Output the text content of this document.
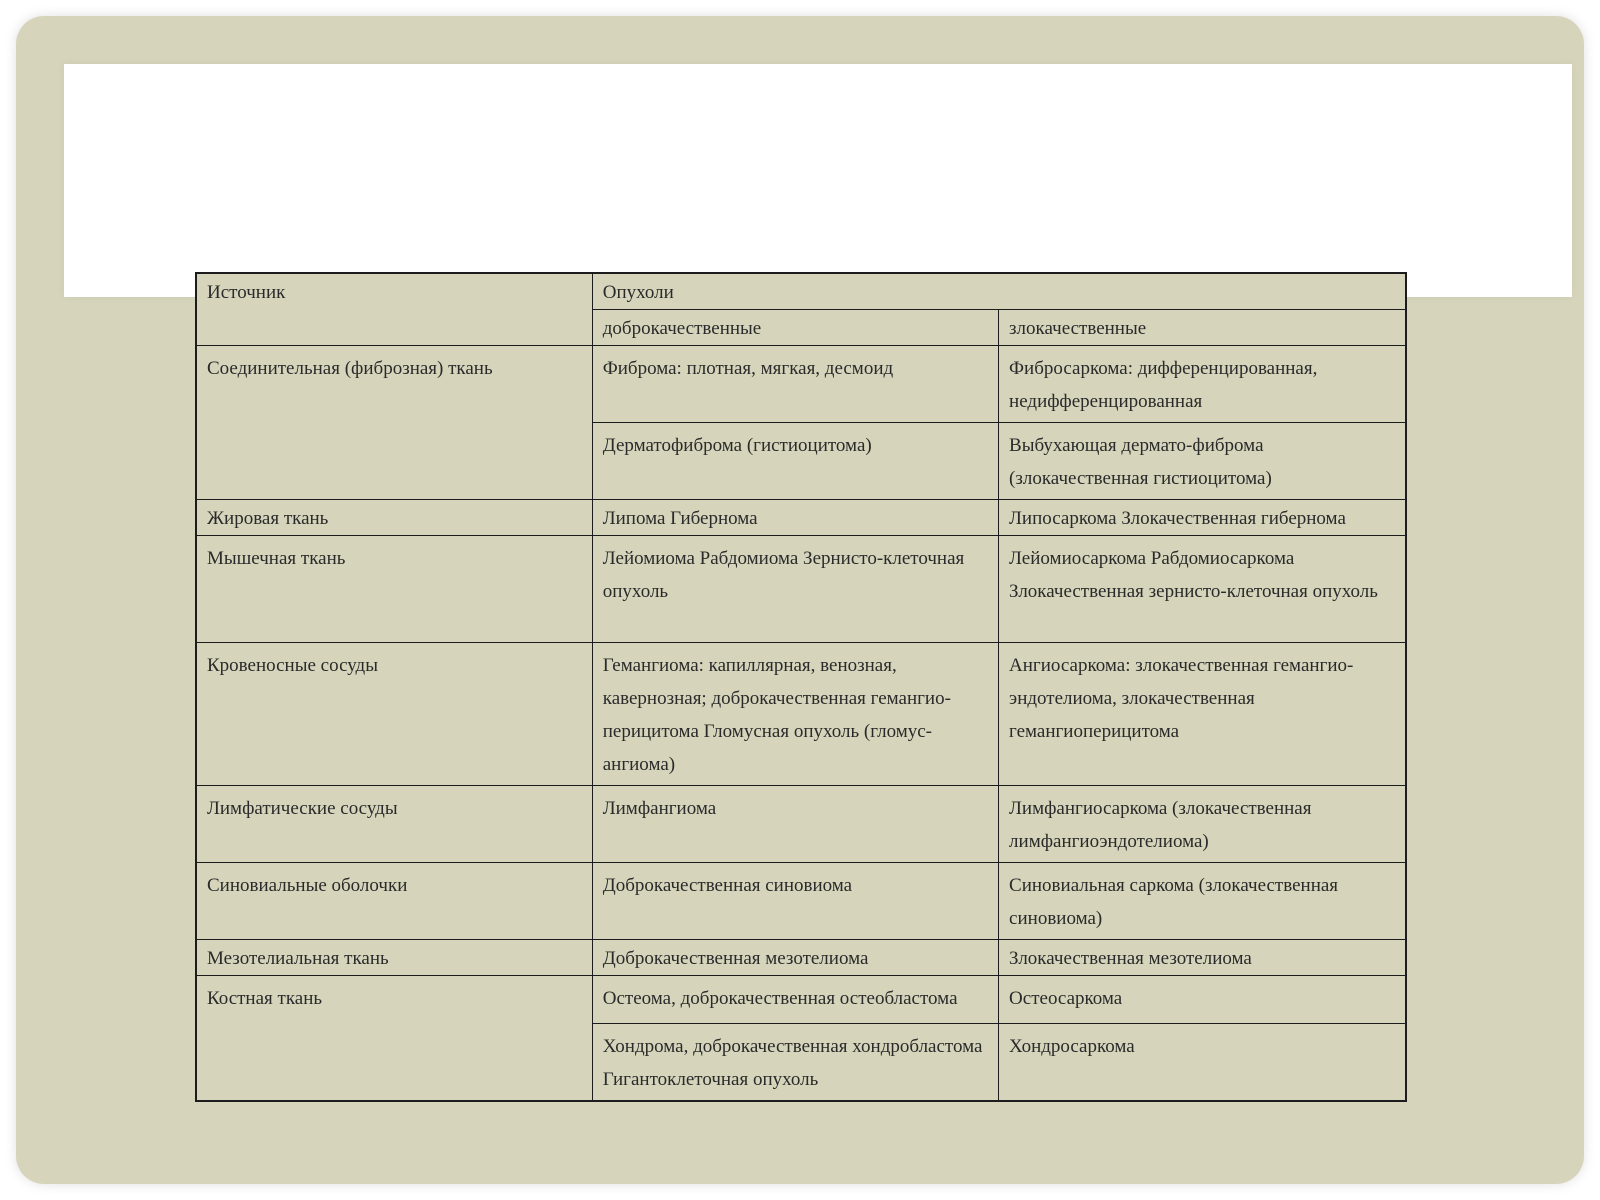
Источник	Опухоли	
	доброкачественные	злокачественные
Соединительная (фиброзная) ткань	Фиброма: плотная, мягкая, десмоид	Фибросаркома: дифференцированная, недифференцированная
	Дерматофиброма (гистиоцитома)	Выбухающая дермато-фиброма (злокачественная гистиоцитома)
Жировая ткань	Липома Гибернома	Липосаркома Злокачественная гибернома
Мышечная ткань	Лейомиома Рабдомиома Зернисто-клеточная опухоль	Лейомиосаркома Рабдомиосаркома Злокачественная зернисто-клеточная опухоль
Кровеносные сосуды	Гемангиома: капиллярная, венозная, кавернозная; доброкачественная гемангио-перицитома Гломусная опухоль (гломус-ангиома)	Ангиосаркома: злокачественная гемангио-эндотелиома, злокачественная гемангиоперицитома
Лимфатические сосуды	Лимфангиома	Лимфангиосаркома (злокачественная лимфангиоэндотелиома)
Синовиальные оболочки	Доброкачественная синовиома	Синовиальная саркома (злокачественная синовиома)
Мезотелиальная ткань	Доброкачественная мезотелиома	Злокачественная мезотелиома
Костная ткань	Остеома, доброкачественная остеобластома	Остеосаркома
	Хондрома, доброкачественная хондробластома Гигантоклеточная опухоль	Хондросаркома
